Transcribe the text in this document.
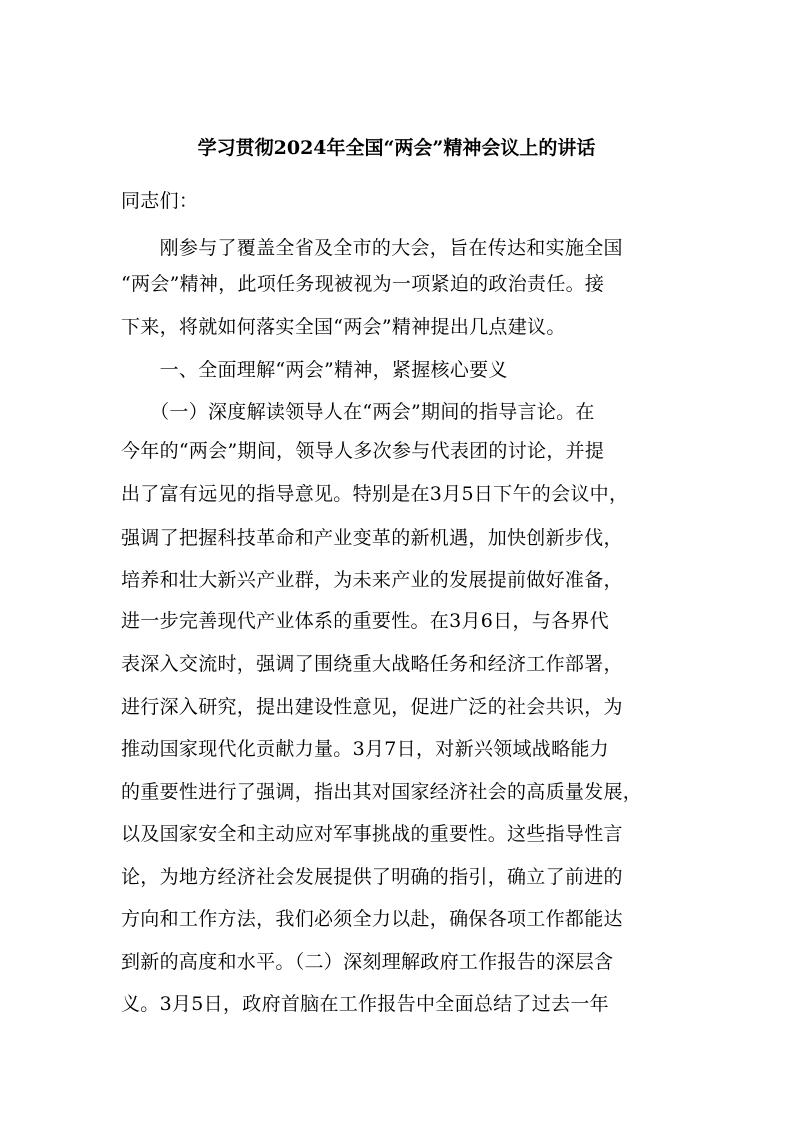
学习贯彻2024年全国“两会”精神会议上的讲话
同志们：
　　刚参与了覆盖全省及全市的大会，旨在传达和实施全国
“两会”精神，此项任务现被视为一项紧迫的政治责任。接
下来，将就如何落实全国“两会”精神提出几点建议。
　　一、全面理解“两会”精神，紧握核心要义
　　（一）深度解读领导人在“两会”期间的指导言论。在
今年的“两会”期间，领导人多次参与代表团的讨论，并提
出了富有远见的指导意见。特别是在3月5日下午的会议中，
强调了把握科技革命和产业变革的新机遇，加快创新步伐，
培养和壮大新兴产业群，为未来产业的发展提前做好准备，
进一步完善现代产业体系的重要性。在3月6日，与各界代
表深入交流时，强调了围绕重大战略任务和经济工作部署，
进行深入研究，提出建设性意见，促进广泛的社会共识，为
推动国家现代化贡献力量。3月7日，对新兴领域战略能力
的重要性进行了强调，指出其对国家经济社会的高质量发展，
以及国家安全和主动应对军事挑战的重要性。这些指导性言
论，为地方经济社会发展提供了明确的指引，确立了前进的
方向和工作方法，我们必须全力以赴，确保各项工作都能达
到新的高度和水平。（二）深刻理解政府工作报告的深层含
义。3月5日，政府首脑在工作报告中全面总结了过去一年
